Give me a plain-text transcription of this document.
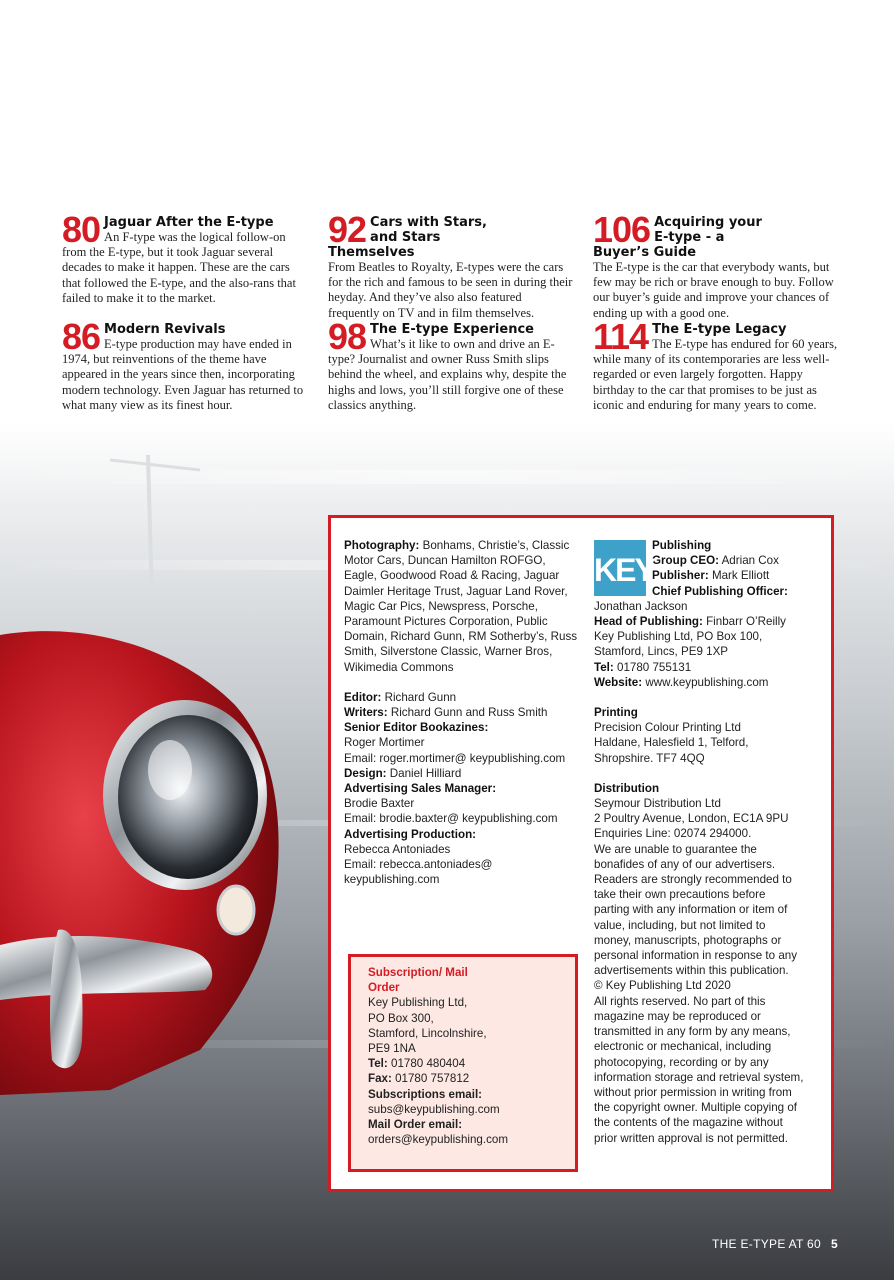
80 Jaguar After the E-type
An F-type was the logical follow-on from the E-type, but it took Jaguar several decades to make it happen. These are the cars that followed the E-type, and the also-rans that failed to make it to the market.
86 Modern Revivals
E-type production may have ended in 1974, but reinventions of the theme have appeared in the years since then, incorporating modern technology. Even Jaguar has returned to what many view as its finest hour.
92 Cars with Stars, and Stars Themselves
From Beatles to Royalty, E-types were the cars for the rich and famous to be seen in during their heyday. And they’ve also also featured frequently on TV and in film themselves.
98 The E-type Experience
What’s it like to own and drive an E-type? Journalist and owner Russ Smith slips behind the wheel, and explains why, despite the highs and lows, you’ll still forgive one of these classics anything.
106 Acquiring your E-type - a Buyer’s Guide
The E-type is the car that everybody wants, but few may be rich or brave enough to buy. Follow our buyer’s guide and improve your chances of ending up with a good one.
114 The E-type Legacy
The E-type has endured for 60 years, while many of its contemporaries are less well-regarded or even largely forgotten. Happy birthday to the car that promises to be just as iconic and enduring for many years to come.

Photography: Bonhams, Christie’s, Classic Motor Cars, Duncan Hamilton ROFGO, Eagle, Goodwood Road & Racing, Jaguar Daimler Heritage Trust, Jaguar Land Rover, Magic Car Pics, Newspress, Porsche, Paramount Pictures Corporation, Public Domain, Richard Gunn, RM Sotherby’s, Russ Smith, Silverstone Classic, Warner Bros, Wikimedia Commons

Editor: Richard Gunn

Writers: Richard Gunn and Russ Smith

Senior Editor Bookazines:

Roger Mortimer

Email: roger.mortimer@ keypublishing.com

Design: Daniel Hilliard

Advertising Sales Manager:

Brodie Baxter

Email: brodie.baxter@ keypublishing.com

Advertising Production:

Rebecca Antoniades

Email: rebecca.antoniades@ keypublishing.com

Subscription/ Mail Order

Key Publishing Ltd,

PO Box 300,

Stamford, Lincolnshire,

PE9 1NA

Tel: 01780 480404

Fax: 01780 757812

Subscriptions email:

subs@keypublishing.com

Mail Order email:

orders@keypublishing.com

KEY

Publishing

Group CEO: Adrian Cox

Publisher: Mark Elliott

Chief Publishing Officer:

Jonathan Jackson

Head of Publishing: Finbarr O’Reilly

Key Publishing Ltd, PO Box 100, Stamford, Lincs, PE9 1XP

Tel: 01780 755131

Website: www.keypublishing.com

Printing

Precision Colour Printing Ltd Haldane, Halesfield 1, Telford, Shropshire. TF7 4QQ

Distribution

Seymour Distribution Ltd

2 Poultry Avenue, London, EC1A 9PU

Enquiries Line: 02074 294000.

We are unable to guarantee the bonafides of any of our advertisers. Readers are strongly recommended to take their own precautions before parting with any information or item of value, including, but not limited to money, manuscripts, photographs or personal information in response to any advertisements within this publication.

© Key Publishing Ltd 2020

All rights reserved. No part of this magazine may be reproduced or transmitted in any form by any means, electronic or mechanical, including photocopying, recording or by any information storage and retrieval system, without prior permission in writing from the copyright owner. Multiple copying of the contents of the magazine without prior written approval is not permitted.

THE E-TYPE AT 60 5
